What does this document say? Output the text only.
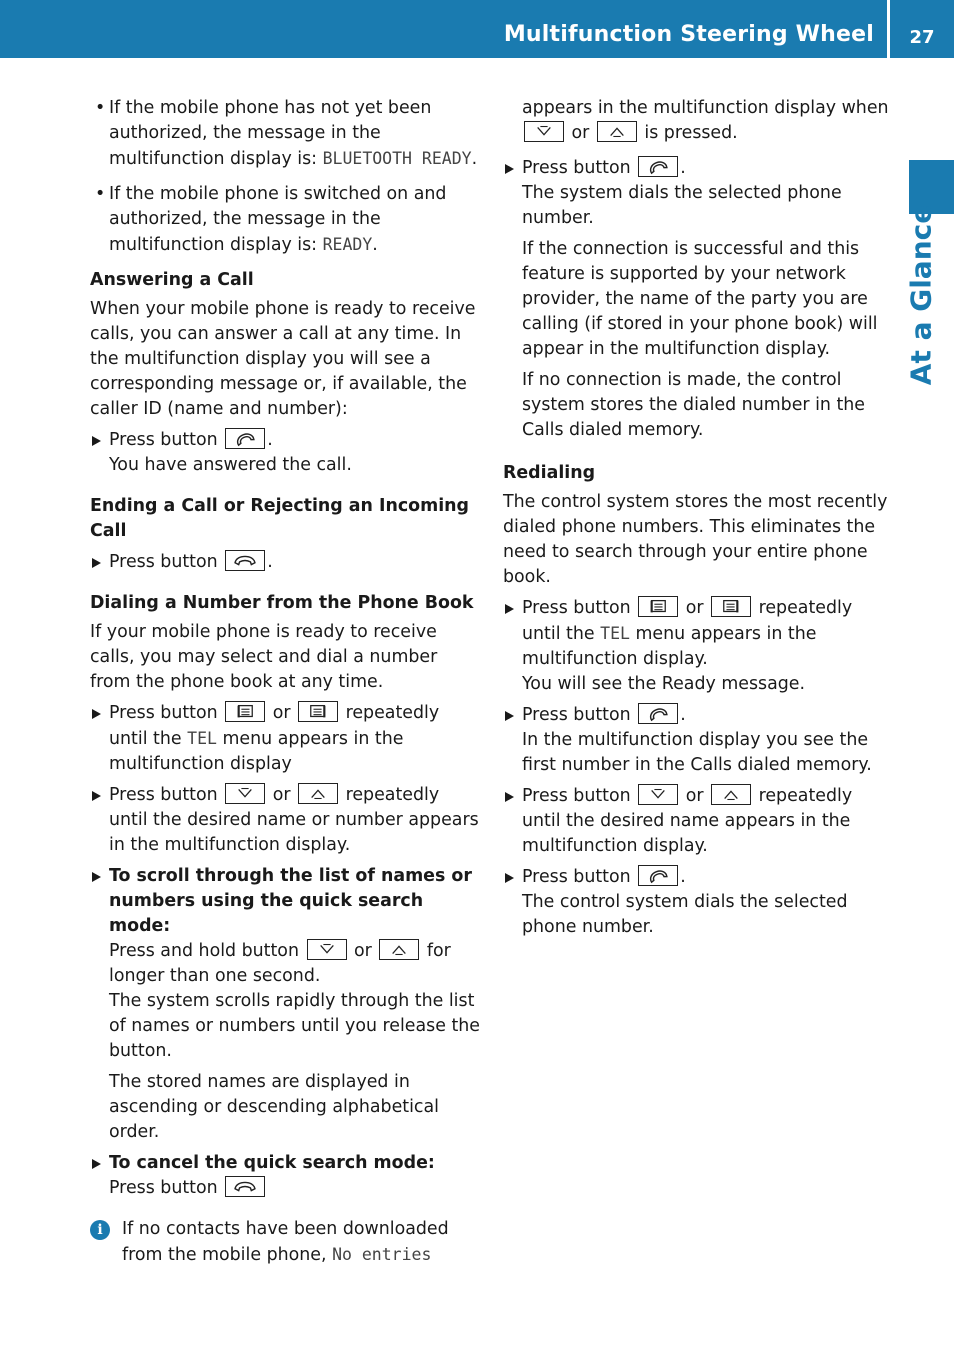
Multifunction Steering Wheel	27
At a Glance
• If the mobile phone has not yet been authorized, the message in the multifunction display is: BLUETOOTH READY.
• If the mobile phone is switched on and authorized, the message in the multifunction display is: READY.

Answering a Call

When your mobile phone is ready to receive calls, you can answer a call at any time. In the multifunction display you will see a corresponding message or, if available, the caller ID (name and number):

Press button	.
You have answered the call.

Ending a Call or Rejecting an Incoming Call

Press button	.

Dialing a Number from the Phone Book

If your mobile phone is ready to receive calls, you may select and dial a number from the phone book at any time.

Press button	or	repeatedly until the TEL menu appears in the multifunction display
Press button	or	repeatedly until the desired name or number appears in the multifunction display.
To scroll through the list of names or numbers using the quick search mode:
Press and hold button	or	for longer than one second.
The system scrolls rapidly through the list of names or numbers until you release the button.

The stored names are displayed in ascending or descending alphabetical order.

To cancel the quick search mode: Press button
i	If no contacts have been downloaded from the mobile phone, No entries

appears in the multifunction display when
or	is pressed.

Press button	.
The system dials the selected phone number.

If the connection is successful and this feature is supported by your network provider, the name of the party you are calling (if stored in your phone book) will appear in the multifunction display.

If no connection is made, the control system stores the dialed number in the Calls dialed memory.

Redialing

The control system stores the most recently dialed phone numbers. This eliminates the need to search through your entire phone book.

Press button	or	repeatedly until the TEL menu appears in the multifunction display.
You will see the Ready message.
Press button	.
In the multifunction display you see the first number in the Calls dialed memory.
Press button	or	repeatedly until the desired name appears in the multifunction display.
Press button	.
The control system dials the selected phone number.
